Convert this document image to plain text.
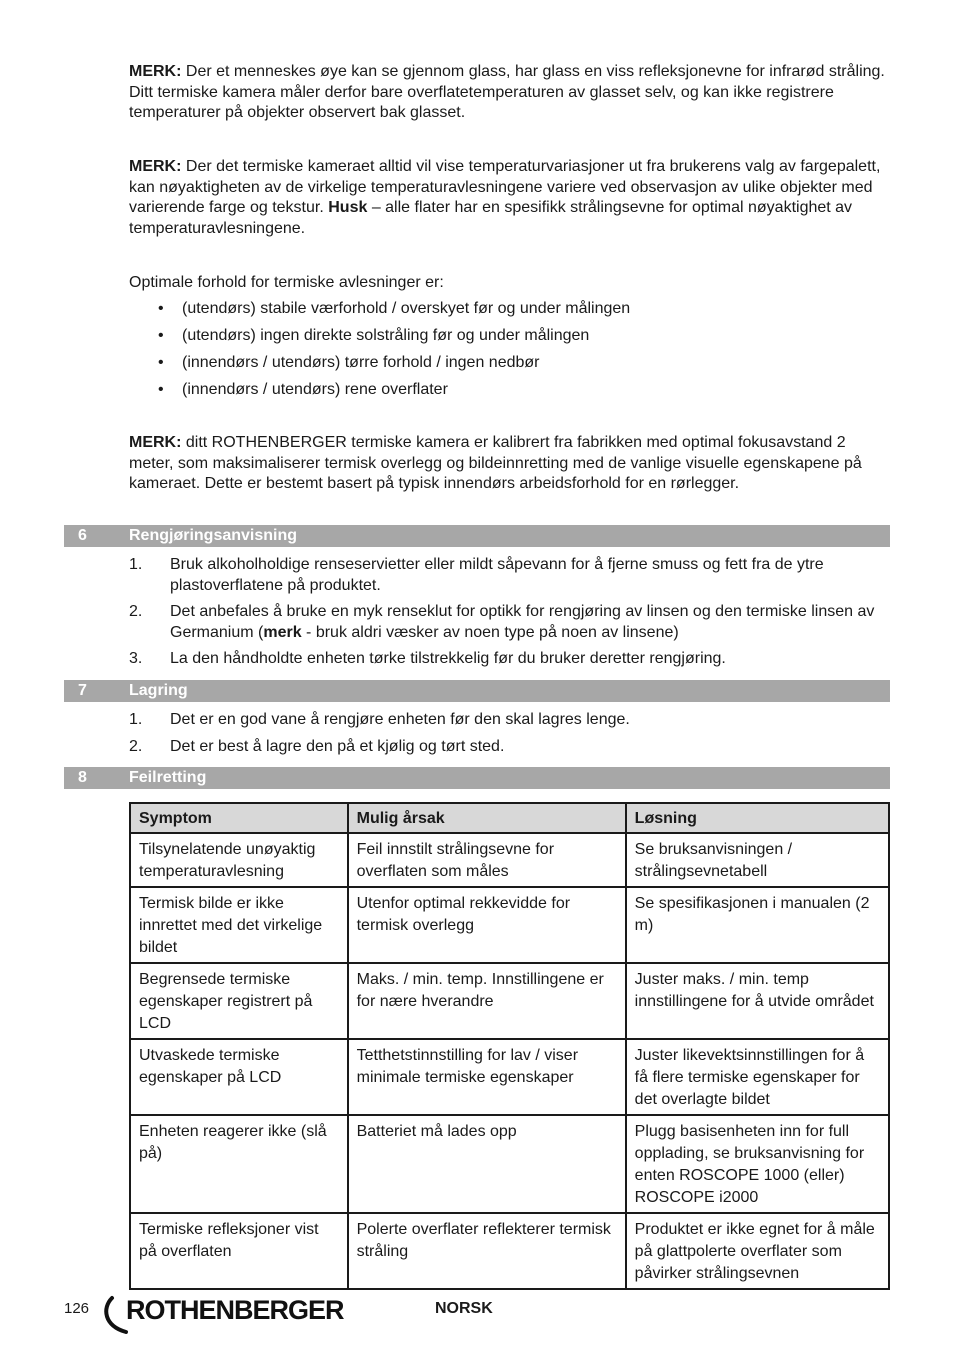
MERK: Der et menneskes øye kan se gjennom glass, har glass en viss refleksjonevne for infrarød stråling. Ditt termiske kamera måler derfor bare overflatetemperaturen av glasset selv, og kan ikke registrere temperaturer på objekter observert bak glasset.

MERK: Der det termiske kameraet alltid vil vise temperaturvariasjoner ut fra brukerens valg av fargepalett, kan nøyaktigheten av de virkelige temperaturavlesningene variere ved observasjon av ulike objekter med varierende farge og tekstur. Husk – alle flater har en spesifikk strålingsevne for optimal nøyaktighet av temperaturavlesningene.

Optimale forhold for termiske avlesninger er:

• (utendørs) stabile værforhold / overskyet før og under målingen
• (utendørs) ingen direkte solstråling før og under målingen
• (innendørs / utendørs) tørre forhold / ingen nedbør
• (innendørs / utendørs) rene overflater

MERK: ditt ROTHENBERGER termiske kamera er kalibrert fra fabrikken med optimal fokusavstand 2 meter, som maksimaliserer termisk overlegg og bildeinnretting med de vanlige visuelle egenskapene på kameraet. Dette er bestemt basert på typisk innendørs arbeidsforhold for en rørlegger.

6	Rengjøringsanvisning
1. Bruk alkoholholdige renseservietter eller mildt såpevann for å fjerne smuss og fett fra de ytre plastoverflatene på produktet.
2. Det anbefales å bruke en myk renseklut for optikk for rengjøring av linsen og den termiske linsen av Germanium (merk - bruk aldri væsker av noen type på noen av linsene)
3. La den håndholdte enheten tørke tilstrekkelig før du bruker deretter rengjøring.
7	Lagring
1. Det er en god vane å rengjøre enheten før den skal lagres lenge.
2. Det er best å lagre den på et kjølig og tørt sted.
8	Feilretting
Symptom	Mulig årsak	Løsning
Tilsynelatende unøyaktig temperaturavlesning	Feil innstilt strålingsevne for overflaten som måles	Se bruksanvisningen / strålingsevnetabell
Termisk bilde er ikke innrettet med det virkelige bildet	Utenfor optimal rekkevidde for termisk overlegg	Se spesifikasjonen i manualen (2 m)
Begrensede termiske egenskaper registrert på LCD	Maks. / min. temp. Innstillingene er for nære hverandre	Juster maks. / min. temp innstillingene for å utvide området
Utvaskede termiske egenskaper på LCD	Tetthetstinnstilling for lav / viser minimale termiske egenskaper	Juster likevektsinnstillingen for å få flere termiske egenskaper for det overlagte bildet
Enheten reagerer ikke (slå på)	Batteriet må lades opp	Plugg basisenheten inn for full opplading, se bruksanvisning for enten ROSCOPE 1000 (eller) ROSCOPE i2000
Termiske refleksjoner vist på overflaten	Polerte overflater reflekterer termisk stråling	Produktet er ikke egnet for å måle på glattpolerte overflater som påvirker strålingsevnen
126 ROTHENBERGER	NORSK
